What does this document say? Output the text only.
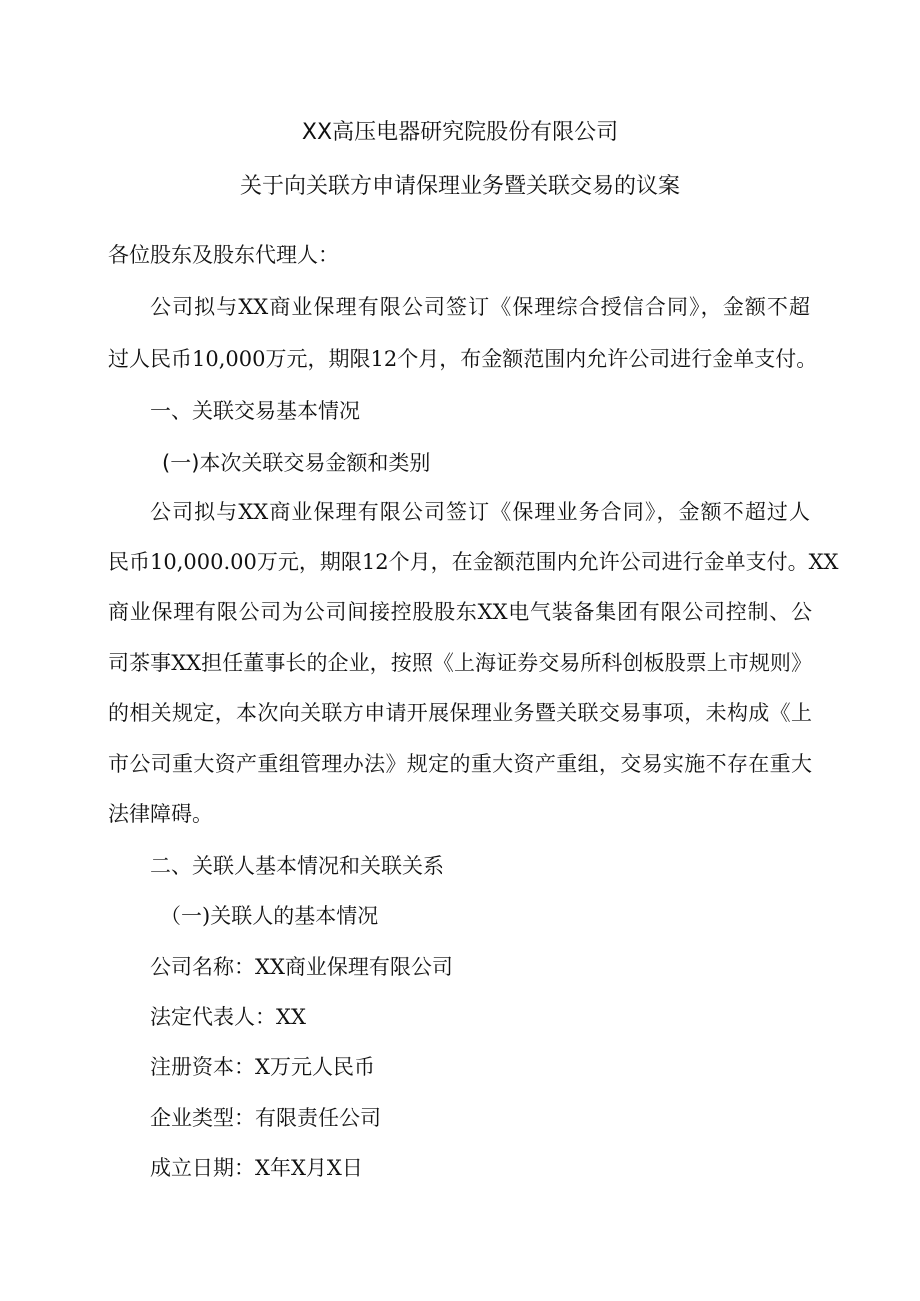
XX高压电器研究院股份有限公司
关于向关联方申请保理业务暨关联交易的议案
各位股东及股东代理人：
公司拟与XX商业保理有限公司签订《保理综合授信合同》，金额不超
过人民币10,000万元，期限12个月，布金额范围内允许公司进行金单支付。
一、关联交易基本情况
(一)本次关联交易金额和类别
公司拟与XX商业保理有限公司签订《保理业务合同》，金额不超过人
民币10,000.00万元，期限12个月，在金额范围内允许公司进行金单支付。XX
商业保理有限公司为公司间接控股股东XX电气装备集团有限公司控制、公
司茶事XX担任董事长的企业，按照《上海证券交易所科创板股票上市规则》
的相关规定，本次向关联方申请开展保理业务暨关联交易事项，未构成《上
市公司重大资产重组管理办法》规定的重大资产重组，交易实施不存在重大
法律障碍。
二、关联人基本情况和关联关系
（一)关联人的基本情况
公司名称：XX商业保理有限公司
法定代表人：XX
注册资本：X万元人民币
企业类型：有限责任公司
成立日期：X年X月X日
